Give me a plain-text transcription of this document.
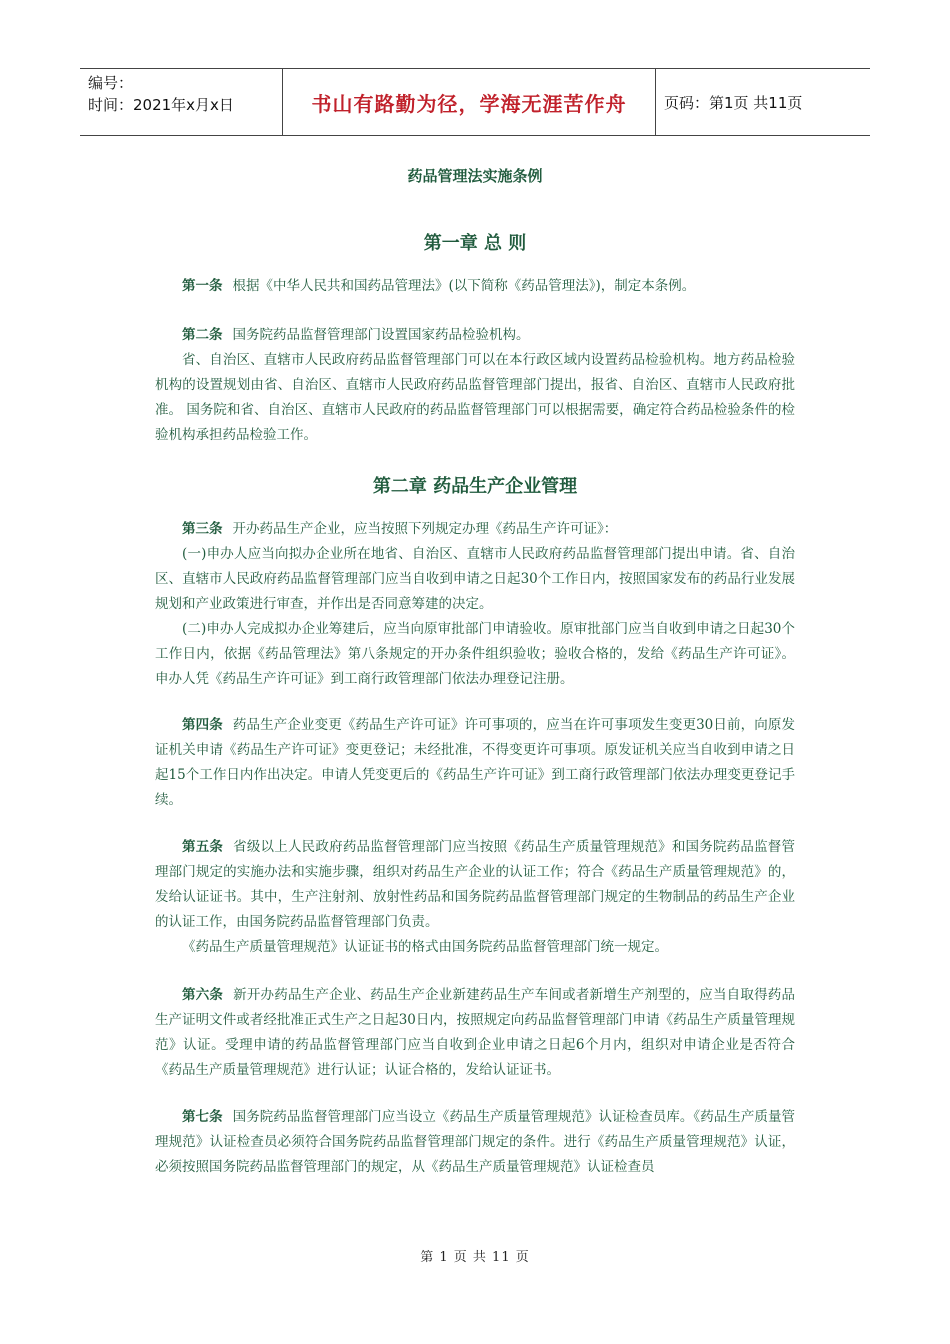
编号：
时间：2021年x月x日	书山有路勤为径，学海无涯苦作舟	页码：第1页 共11页
药品管理法实施条例
第一章 总 则

第一条 根据《中华人民共和国药品管理法》(以下简称《药品管理法》)，制定本条例。

第二条 国务院药品监督管理部门设置国家药品检验机构。

省、自治区、直辖市人民政府药品监督管理部门可以在本行政区域内设置药品检验机构。地方药品检验机构的设置规划由省、自治区、直辖市人民政府药品监督管理部门提出，报省、自治区、直辖市人民政府批准。 国务院和省、自治区、直辖市人民政府的药品监督管理部门可以根据需要，确定符合药品检验条件的检验机构承担药品检验工作。

第二章 药品生产企业管理

第三条 开办药品生产企业，应当按照下列规定办理《药品生产许可证》：

(一)申办人应当向拟办企业所在地省、自治区、直辖市人民政府药品监督管理部门提出申请。省、自治区、直辖市人民政府药品监督管理部门应当自收到申请之日起30个工作日内，按照国家发布的药品行业发展规划和产业政策进行审查，并作出是否同意筹建的决定。

(二)申办人完成拟办企业筹建后，应当向原审批部门申请验收。原审批部门应当自收到申请之日起30个工作日内，依据《药品管理法》第八条规定的开办条件组织验收；验收合格的，发给《药品生产许可证》。申办人凭《药品生产许可证》到工商行政管理部门依法办理登记注册。

第四条 药品生产企业变更《药品生产许可证》许可事项的，应当在许可事项发生变更30日前，向原发证机关申请《药品生产许可证》变更登记；未经批准，不得变更许可事项。原发证机关应当自收到申请之日起15个工作日内作出决定。申请人凭变更后的《药品生产许可证》到工商行政管理部门依法办理变更登记手续。

第五条 省级以上人民政府药品监督管理部门应当按照《药品生产质量管理规范》和国务院药品监督管理部门规定的实施办法和实施步骤，组织对药品生产企业的认证工作；符合《药品生产质量管理规范》的，发给认证证书。其中，生产注射剂、放射性药品和国务院药品监督管理部门规定的生物制品的药品生产企业的认证工作，由国务院药品监督管理部门负责。

《药品生产质量管理规范》认证证书的格式由国务院药品监督管理部门统一规定。

第六条 新开办药品生产企业、药品生产企业新建药品生产车间或者新增生产剂型的，应当自取得药品生产证明文件或者经批准正式生产之日起30日内，按照规定向药品监督管理部门申请《药品生产质量管理规范》认证。受理申请的药品监督管理部门应当自收到企业申请之日起6个月内，组织对申请企业是否符合《药品生产质量管理规范》进行认证；认证合格的，发给认证证书。

第七条 国务院药品监督管理部门应当设立《药品生产质量管理规范》认证检查员库。《药品生产质量管理规范》认证检查员必须符合国务院药品监督管理部门规定的条件。进行《药品生产质量管理规范》认证，必须按照国务院药品监督管理部门的规定，从《药品生产质量管理规范》认证检查员

第 1 页 共 11 页
